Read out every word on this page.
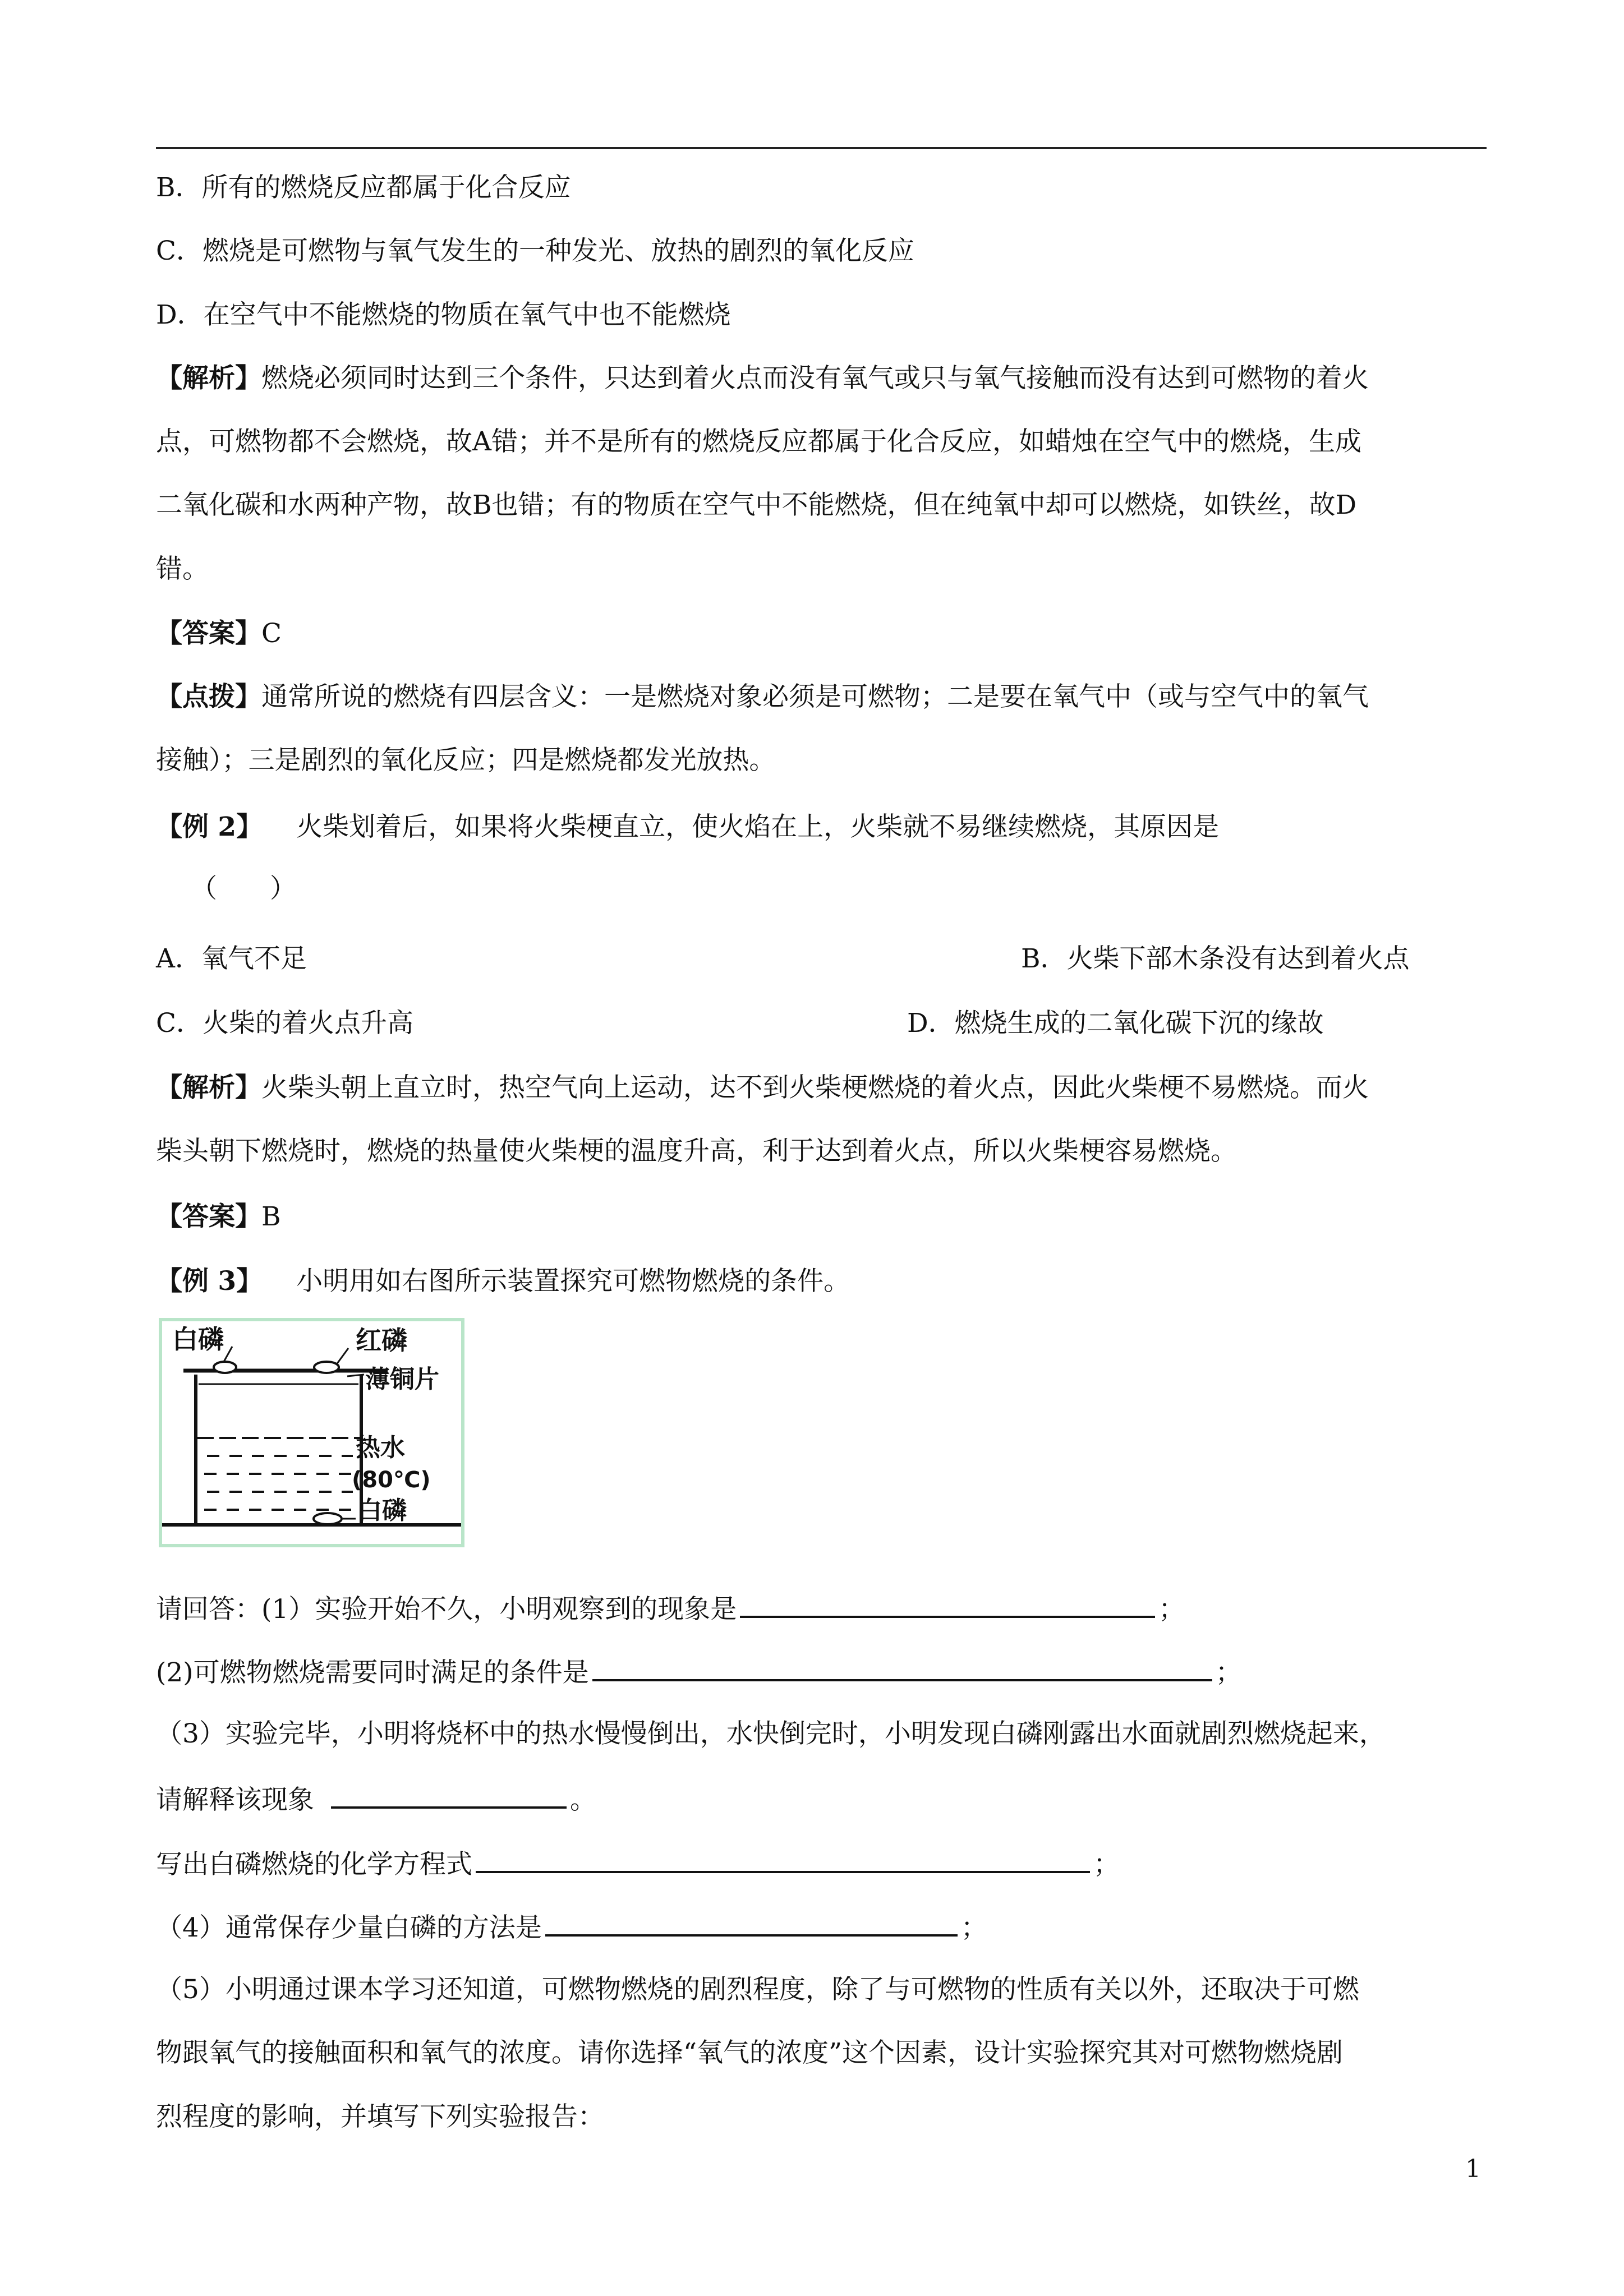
B．所有的燃烧反应都属于化合反应
C．燃烧是可燃物与氧气发生的一种发光、放热的剧烈的氧化反应
D．在空气中不能燃烧的物质在氧气中也不能燃烧
【解析】燃烧必须同时达到三个条件，只达到着火点而没有氧气或只与氧气接触而没有达到可燃物的着火
点，可燃物都不会燃烧，故A错；并不是所有的燃烧反应都属于化合反应，如蜡烛在空气中的燃烧，生成
二氧化碳和水两种产物，故B也错；有的物质在空气中不能燃烧，但在纯氧中却可以燃烧，如铁丝，故D
错。
【答案】C
【点拨】通常所说的燃烧有四层含义：一是燃烧对象必须是可燃物；二是要在氧气中（或与空气中的氧气
接触）；三是剧烈的氧化反应；四是燃烧都发光放热。
【例 2】 火柴划着后，如果将火柴梗直立，使火焰在上，火柴就不易继续燃烧，其原因是
（　　）
A．氧气不足	B．火柴下部木条没有达到着火点
C．火柴的着火点升高	D．燃烧生成的二氧化碳下沉的缘故
【解析】火柴头朝上直立时，热空气向上运动，达不到火柴梗燃烧的着火点，因此火柴梗不易燃烧。而火
柴头朝下燃烧时，燃烧的热量使火柴梗的温度升高，利于达到着火点，所以火柴梗容易燃烧。
【答案】B
【例 3】 小明用如右图所示装置探究可燃物燃烧的条件。
白磷	红磷
薄铜片
热水
(80℃)
白磷
请回答：(1）实验开始不久，小明观察到的现象是	；
(2)可燃物燃烧需要同时满足的条件是	；
（3）实验完毕，小明将烧杯中的热水慢慢倒出，水快倒完时，小明发现白磷刚露出水面就剧烈燃烧起来，
请解释该现象	。
写出白磷燃烧的化学方程式	；
（4）通常保存少量白磷的方法是	；
（5）小明通过课本学习还知道，可燃物燃烧的剧烈程度，除了与可燃物的性质有关以外，还取决于可燃
物跟氧气的接触面积和氧气的浓度。请你选择“氧气的浓度”这个因素，设计实验探究其对可燃物燃烧剧
烈程度的影响，并填写下列实验报告：
1
